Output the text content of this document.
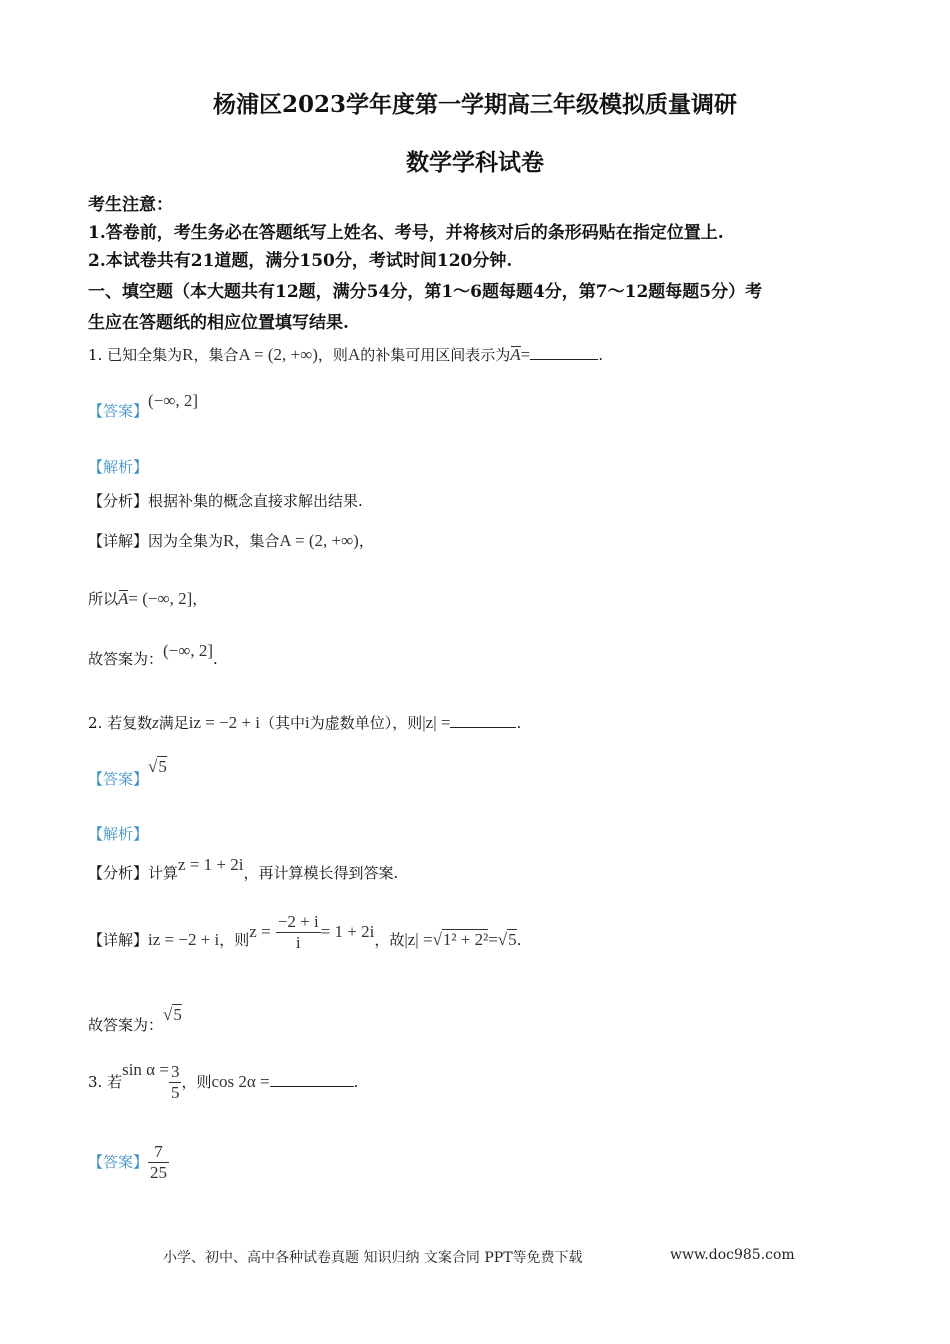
杨浦区2023学年度第一学期高三年级模拟质量调研
数学学科试卷
考生注意：
1.答卷前，考生务必在答题纸写上姓名、考号，并将核对后的条形码贴在指定位置上.
2.本试卷共有21道题，满分150分，考试时间120分钟.
一、填空题（本大题共有12题，满分54分，第1～6题每题4分，第7～12题每题5分）考
生应在答题纸的相应位置填写结果.
1. 已知全集为R，集合A = (2, +∞)，则A的补集可用区间表示为A=	.
【答案】(−∞, 2]
【解析】
【分析】根据补集的概念直接求解出结果.
【详解】因为全集为R，集合A = (2, +∞)，
所以A= (−∞, 2]，
故答案为：(−∞, 2].
2. 若复数z满足iz = −2 + i（其中i为虚数单位），则|z| =	.
【答案】√5
【解析】
【分析】计算z = 1 + 2i，再计算模长得到答案.
【详解】iz = −2 + i，则$z = \frac{-2 + i}{i} = 1 + 2i$，故|z| =√1² + 2²=√5.
故答案为：√5
3. 若$\sin \alpha = \frac{3}{5}$ ，则cos 2α =	.
【答案】 $\frac{7}{25}$
小学、初中、高中各种试卷真题 知识归纳 文案合同 PPT等免费下载	www.doc985.com
